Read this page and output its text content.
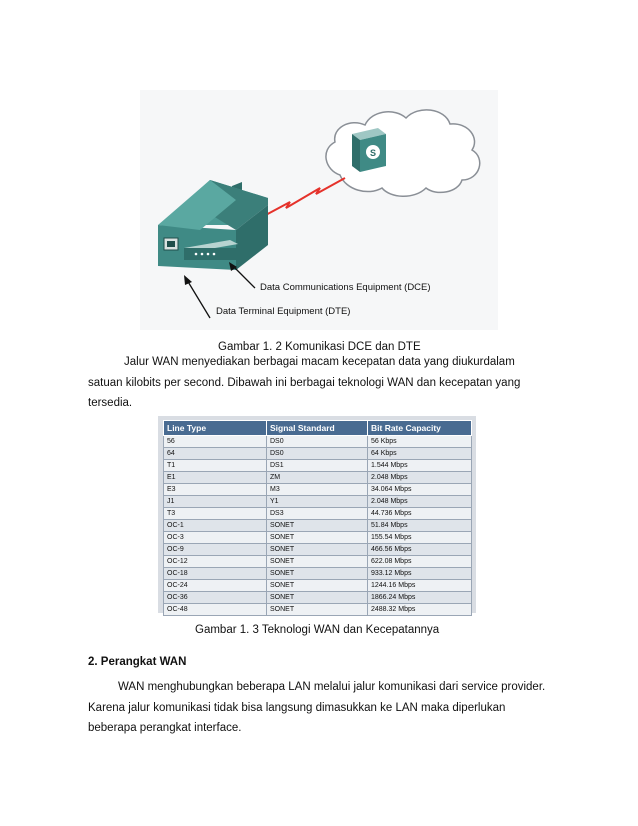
S
Data Communications Equipment (DCE)
Data Terminal Equipment (DTE)
Gambar 1. 2 Komunikasi DCE dan DTE

Jalur WAN menyediakan berbagai macam kecepatan data yang diukurdalam

satuan kilobits per second. Dibawah ini berbagai teknologi WAN dan kecepatan yang

tersedia.

Line Type	Signal Standard	Bit Rate Capacity
56	DS0	56 Kbps
64	DS0	64 Kbps
T1	DS1	1.544 Mbps
E1	ZM	2.048 Mbps
E3	M3	34.064 Mbps
J1	Y1	2.048 Mbps
T3	DS3	44.736 Mbps
OC-1	SONET	51.84 Mbps
OC-3	SONET	155.54 Mbps
OC-9	SONET	466.56 Mbps
OC-12	SONET	622.08 Mbps
OC-18	SONET	933.12 Mbps
OC-24	SONET	1244.16 Mbps
OC-36	SONET	1866.24 Mbps
OC-48	SONET	2488.32 Mbps
Gambar 1. 3 Teknologi WAN dan Kecepatannya
2. Perangkat WAN

WAN menghubungkan beberapa LAN melalui jalur komunikasi dari service provider.

Karena jalur komunikasi tidak bisa langsung dimasukkan ke LAN maka diperlukan

beberapa perangkat interface.
